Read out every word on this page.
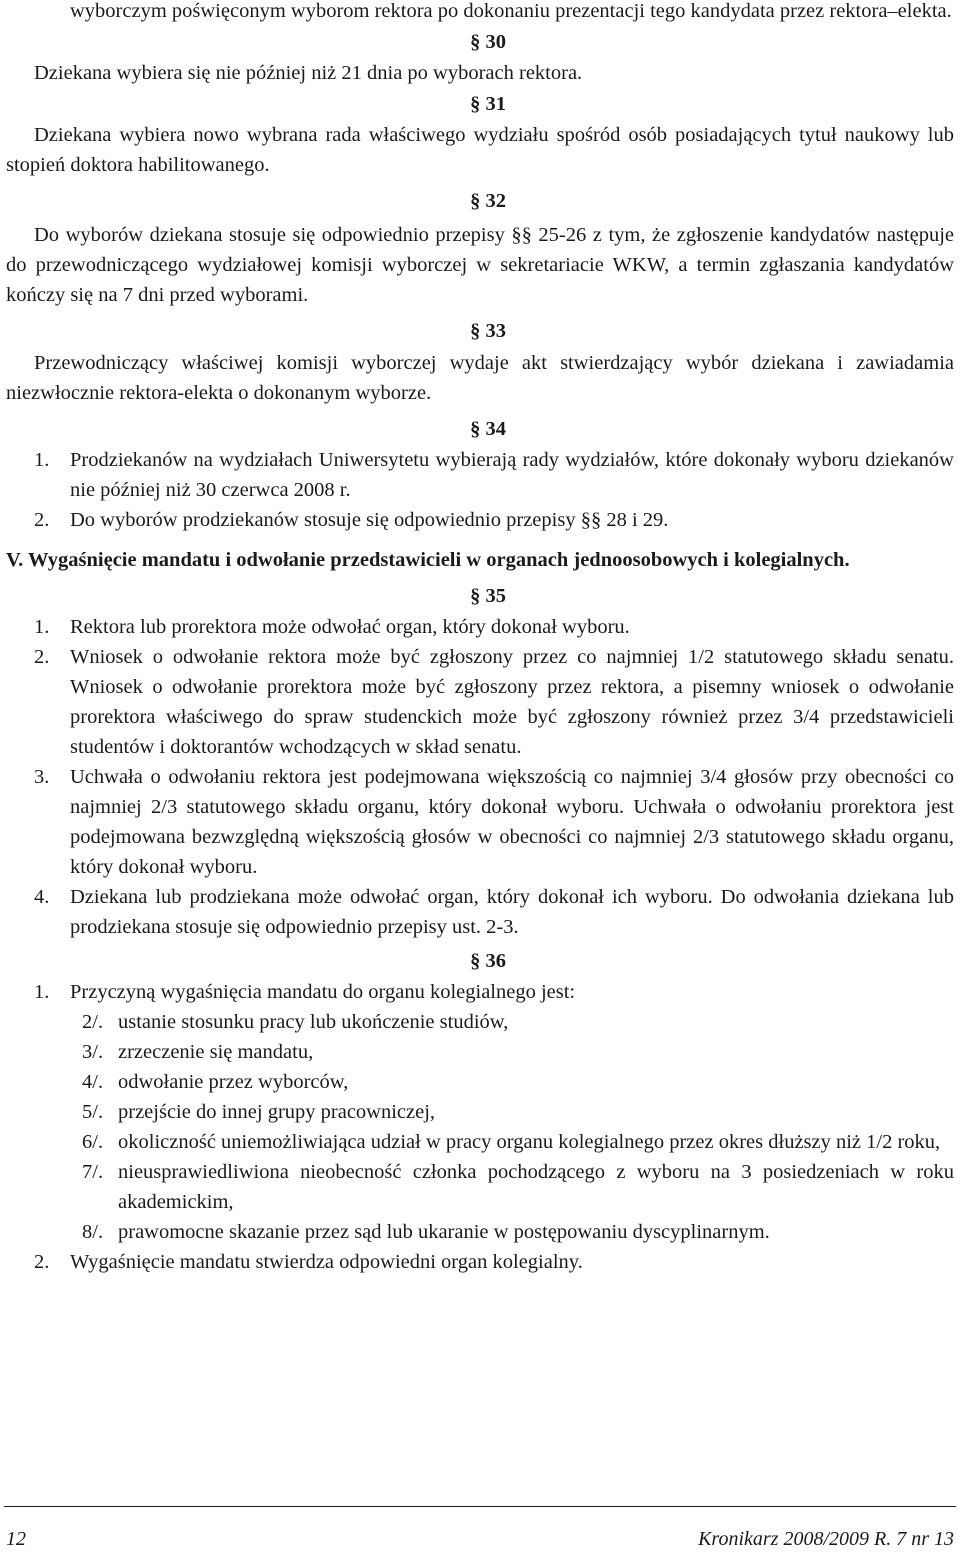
wyborczym poświęconym wyborom rektora po dokonaniu prezentacji tego kandydata przez rektora–elekta.

§ 30

Dziekana wybiera się nie później niż 21 dnia po wyborach rektora.

§ 31

Dziekana wybiera nowo wybrana rada właściwego wydziału spośród osób posiadających tytuł naukowy lub stopień doktora habilitowanego.

§ 32

Do wyborów dziekana stosuje się odpowiednio przepisy §§ 25-26 z tym, że zgłoszenie kandydatów następuje do przewodniczącego wydziałowej komisji wyborczej w sekretariacie WKW, a termin zgłaszania kandydatów kończy się na 7 dni przed wyborami.

§ 33

Przewodniczący właściwej komisji wyborczej wydaje akt stwierdzający wybór dziekana i zawiadamia niezwłocznie rektora-elekta o dokonanym wyborze.

§ 34

1.	Prodziekanów na wydziałach Uniwersytetu wybierają rady wydziałów, które dokonały wyboru dziekanów nie później niż 30 czerwca 2008 r.
2.	Do wyborów prodziekanów stosuje się odpowiednio przepisy §§ 28 i 29.

V. Wygaśnięcie mandatu i odwołanie przedstawicieli w organach jednoosobowych i kolegialnych.

§ 35

1.	Rektora lub prorektora może odwołać organ, który dokonał wyboru.
2.	Wniosek o odwołanie rektora może być zgłoszony przez co najmniej 1/2 statutowego składu senatu. Wniosek o odwołanie prorektora może być zgłoszony przez rektora, a pisemny wniosek o odwołanie prorektora właściwego do spraw studenckich może być zgłoszony również przez 3/4 przedstawicieli studentów i doktorantów wchodzących w skład senatu.
3.	Uchwała o odwołaniu rektora jest podejmowana większością co najmniej 3/4 głosów przy obecności co najmniej 2/3 statutowego składu organu, który dokonał wyboru. Uchwała o odwołaniu prorektora jest podejmowana bezwzględną większością głosów w obecności co najmniej 2/3 statutowego składu organu, który dokonał wyboru.
4.	Dziekana lub prodziekana może odwołać organ, który dokonał ich wyboru. Do odwołania dziekana lub prodziekana stosuje się odpowiednio przepisy ust. 2-3.

§ 36

1.	Przyczyną wygaśnięcia mandatu do organu kolegialnego jest:
2/. ustanie stosunku pracy lub ukończenie studiów,
3/. zrzeczenie się mandatu,
4/. odwołanie przez wyborców,
5/. przejście do innej grupy pracowniczej,
6/. okoliczność uniemożliwiająca udział w pracy organu kolegialnego przez okres dłuższy niż 1/2 roku,
7/. nieusprawiedliwiona nieobecność członka pochodzącego z wyboru na 3 posiedzeniach w roku akademickim,
8/. prawomocne skazanie przez sąd lub ukaranie w postępowaniu dyscyplinarnym.
2.	Wygaśnięcie mandatu stwierdza odpowiedni organ kolegialny.
12	Kronikarz 2008/2009 R. 7 nr 13
